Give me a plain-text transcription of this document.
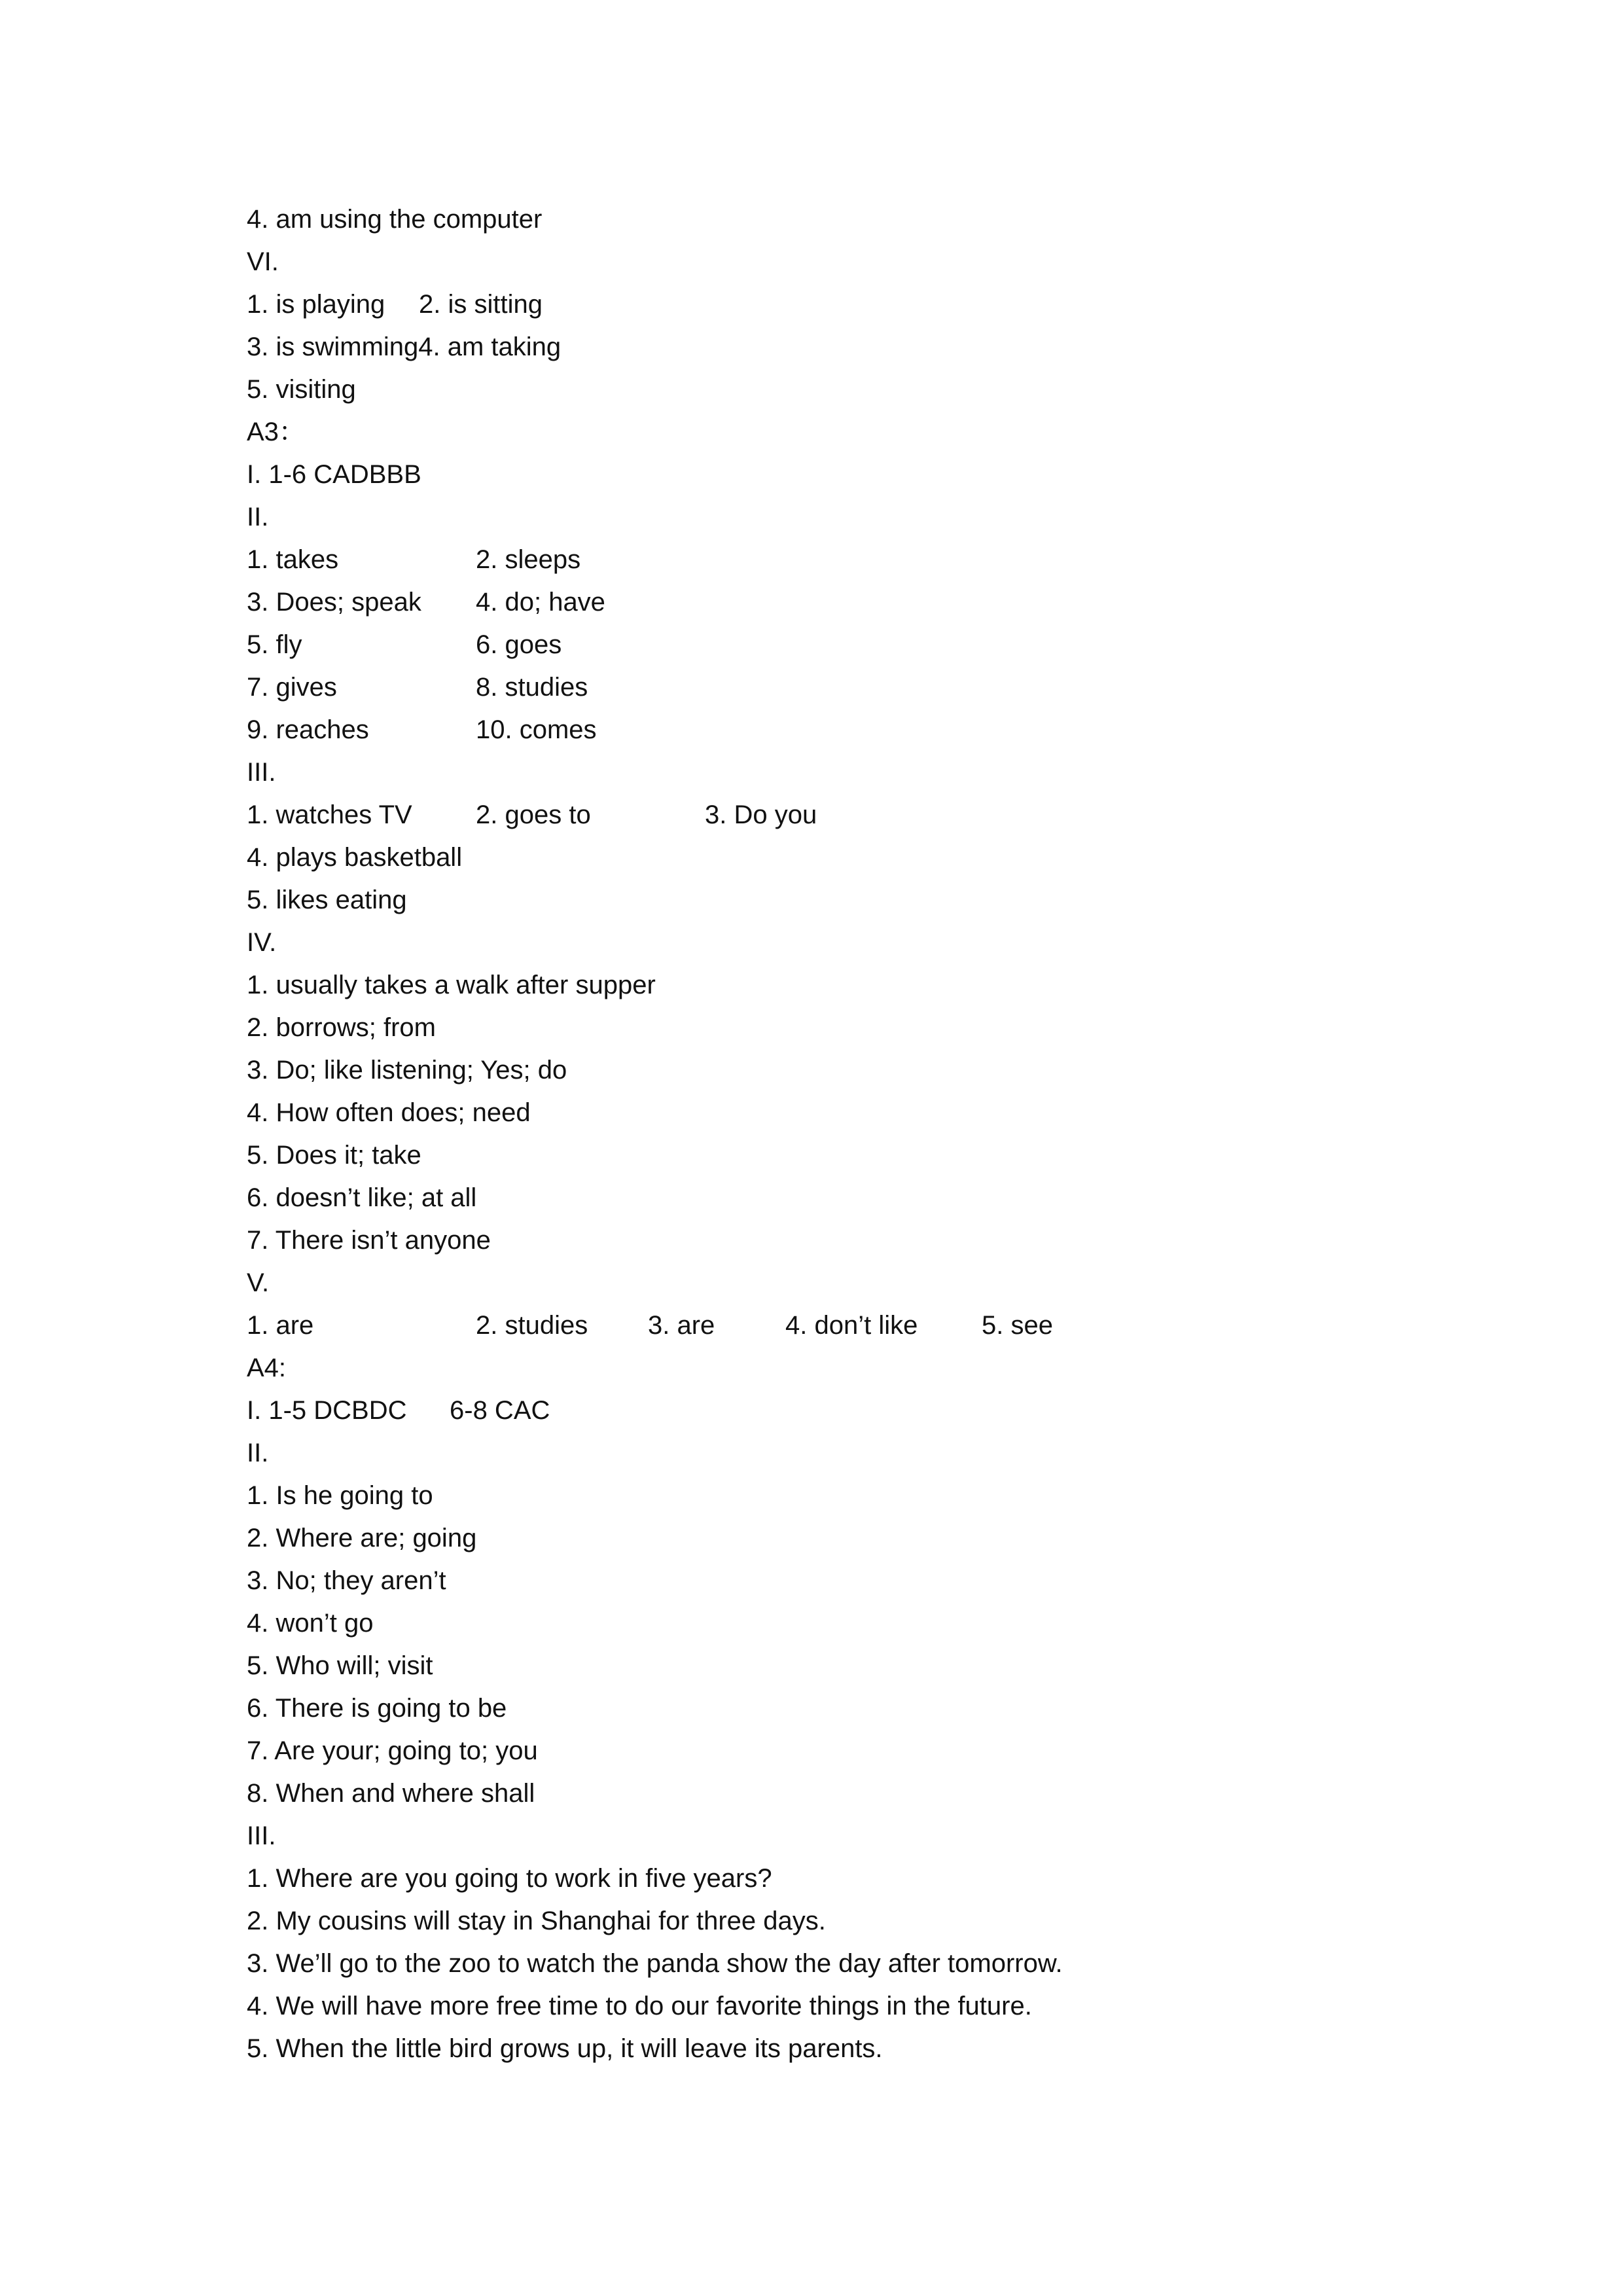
4. am using the computer
VI.
1. is playing 2. is sitting
3. is swimming4. am taking
5. visiting
A3：
I. 1-6 CADBBB
II.
1. takes	2. sleeps
3. Does; speak 4. do; have
5. fly	6. goes
7. gives	8. studies
9. reaches	10. comes
III.
1. watches TV 2. goes to	3. Do you
4. plays basketball
5. likes eating
IV.
1. usually takes a walk after supper
2. borrows; from
3. Do; like listening; Yes; do
4. How often does; need
5. Does it; take
6. doesn’t like; at all
7. There isn’t anyone
V.
1. are	2. studies 3. are	4. don’t like 5. see
A4:
I. 1-5 DCBDC 6-8 CAC
II.
1. Is he going to
2. Where are; going
3. No; they aren’t
4. won’t go
5. Who will; visit
6. There is going to be
7. Are your; going to; you
8. When and where shall
III.
1. Where are you going to work in five years?
2. My cousins will stay in Shanghai for three days.
3. We’ll go to the zoo to watch the panda show the day after tomorrow.
4. We will have more free time to do our favorite things in the future.
5. When the little bird grows up, it will leave its parents.
